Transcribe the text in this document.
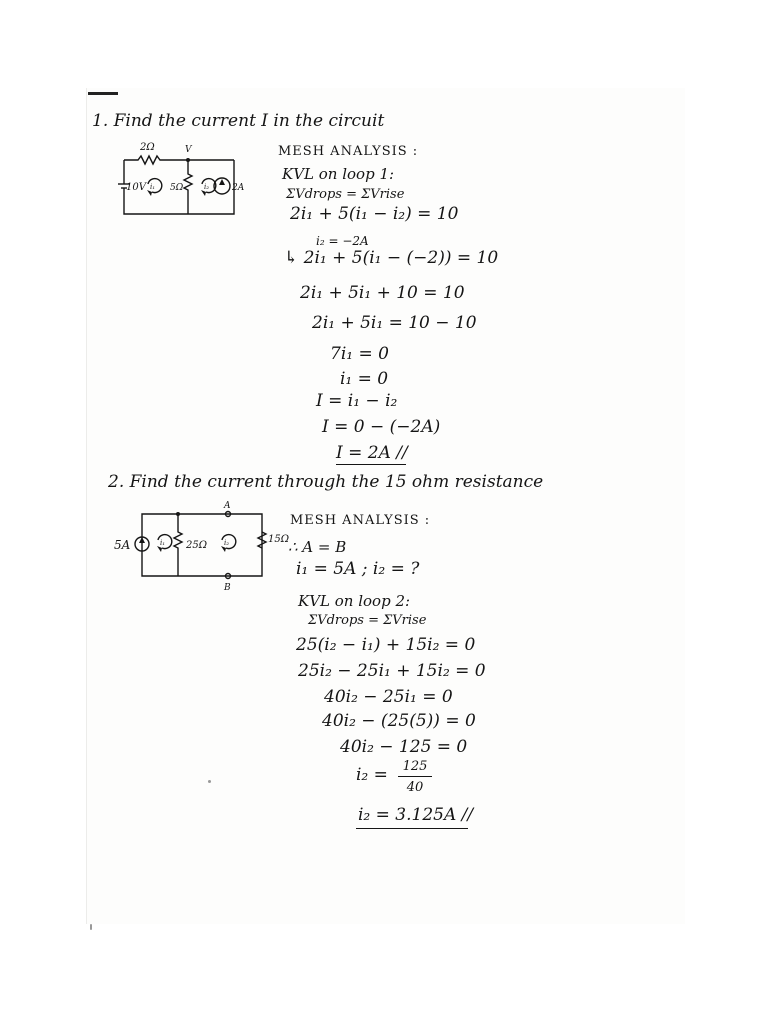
1. Find the current I in the circuit
2Ω	V
10V	5Ω	2A
i₁	i₂
MESH ANALYSIS :
KVL on loop 1:
ΣVdrops = ΣVrise
2i₁ + 5(i₁ − i₂) = 10
i₂ = −2A
↳ 2i₁ + 5(i₁ − (−2)) = 10
2i₁ + 5i₁ + 10 = 10
2i₁ + 5i₁ = 10 − 10
7i₁ = 0
i₁ = 0
I = i₁ − i₂
I = 0 − (−2A)
I = 2A //
2. Find the current through the 15 ohm resistance
5A	25Ω
15Ω
A
B
i₁	i₂
MESH ANALYSIS :
∴ A = B
i₁ = 5A ; i₂ = ?
KVL on loop 2:
ΣVdrops = ΣVrise
25(i₂ − i₁) + 15i₂ = 0
25i₂ − 25i₁ + 15i₂ = 0
40i₂ − 25i₁ = 0
40i₂ − (25(5)) = 0
40i₂ − 125 = 0
i₂ =	125
40
i₂ = 3.125A //
